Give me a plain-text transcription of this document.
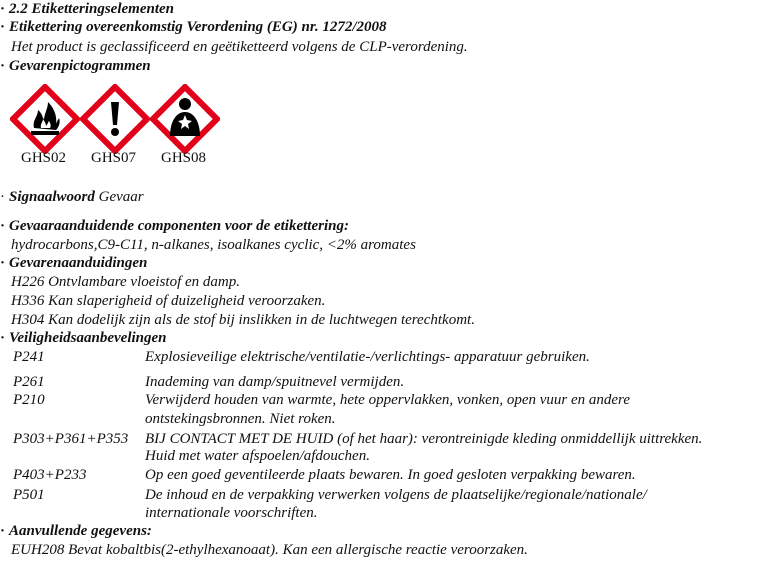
· 2.2 Etiketteringselementen
· Etikettering overeenkomstig Verordening (EG) nr. 1272/2008
Het product is geclassificeerd en geëtiketteerd volgens de CLP-verordening.
· Gevarenpictogrammen
GHS02 GHS07 GHS08
· Signaalwoord Gevaar
· Gevaaraanduidende componenten voor de etikettering:
hydrocarbons,C9-C11, n-alkanes, isoalkanes cyclic, <2% aromates
· Gevarenaanduidingen
H226 Ontvlambare vloeistof en damp.
H336 Kan slaperigheid of duizeligheid veroorzaken.
H304 Kan dodelijk zijn als de stof bij inslikken in de luchtwegen terechtkomt.
· Veiligheidsaanbevelingen
P241	Explosieveilige elektrische/ventilatie-/verlichtings- apparatuur gebruiken.
P261	Inademing van damp/spuitnevel vermijden.
P210	Verwijderd houden van warmte, hete oppervlakken, vonken, open vuur en andere
ontstekingsbronnen. Niet roken.
P303+P361+P353 BIJ CONTACT MET DE HUID (of het haar): verontreinigde kleding onmiddellijk uittrekken.
Huid met water afspoelen/afdouchen.
P403+P233	Op een goed geventileerde plaats bewaren. In goed gesloten verpakking bewaren.
P501	De inhoud en de verpakking verwerken volgens de plaatselijke/regionale/nationale/
internationale voorschriften.
· Aanvullende gegevens:
EUH208 Bevat kobaltbis(2-ethylhexanoaat). Kan een allergische reactie veroorzaken.
